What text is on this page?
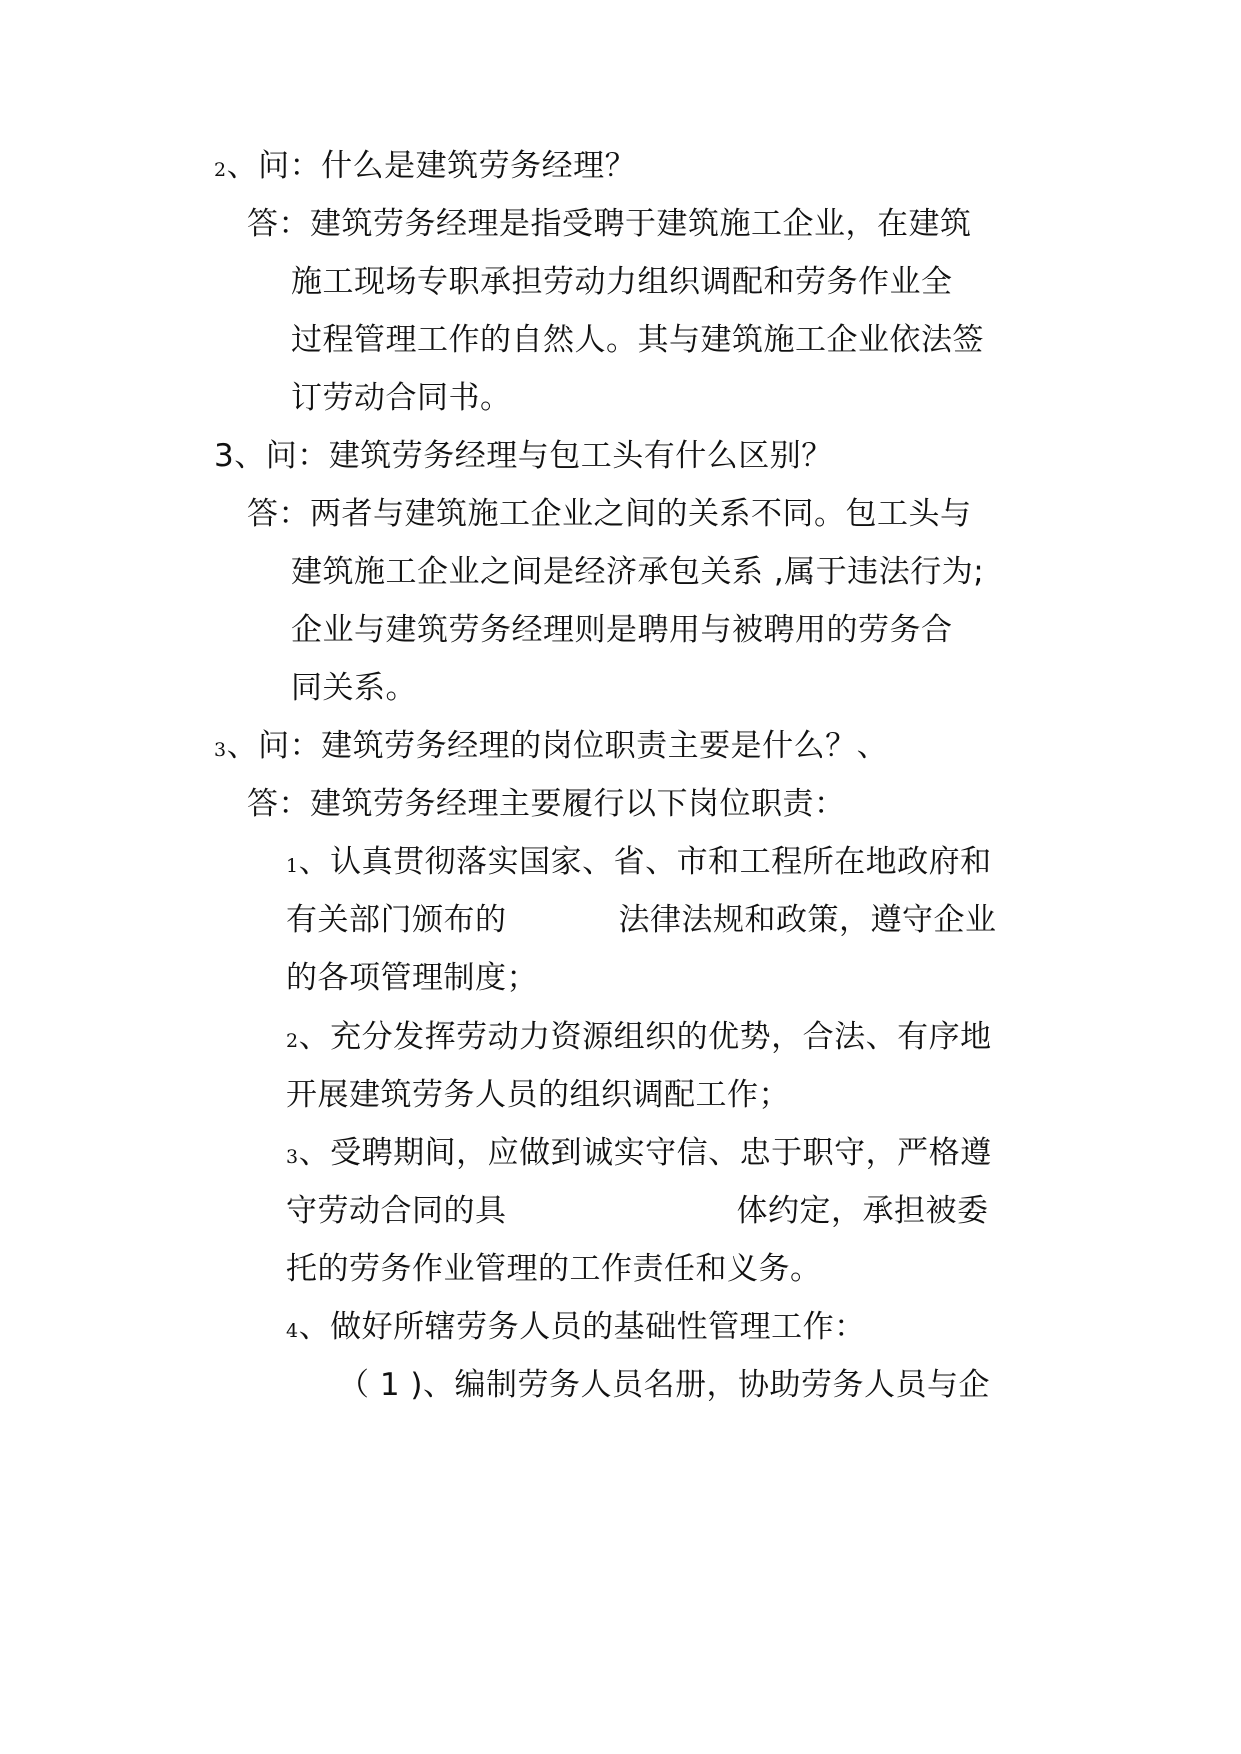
2、问：什么是建筑劳务经理？
答：建筑劳务经理是指受聘于建筑施工企业，在建筑
施工现场专职承担劳动力组织调配和劳务作业全
过程管理工作的自然人。其与建筑施工企业依法签
订劳动合同书。
3、问：建筑劳务经理与包工头有什么区别？
答：两者与建筑施工企业之间的关系不同。包工头与
建筑施工企业之间是经济承包关系 ,属于违法行为;
企业与建筑劳务经理则是聘用与被聘用的劳务合
同关系。
3、问：建筑劳务经理的岗位职责主要是什么？、
答：建筑劳务经理主要履行以下岗位职责：
1、认真贯彻落实国家、省、市和工程所在地政府和
有关部门颁布的	法律法规和政策，遵守企业
的各项管理制度；
2、充分发挥劳动力资源组织的优势，合法、有序地
开展建筑劳务人员的组织调配工作；
3、受聘期间，应做到诚实守信、忠于职守，严格遵
守劳动合同的具	体约定，承担被委
托的劳务作业管理的工作责任和义务。
4、做好所辖劳务人员的基础性管理工作：
（ 1 )、编制劳务人员名册，协助劳务人员与企
